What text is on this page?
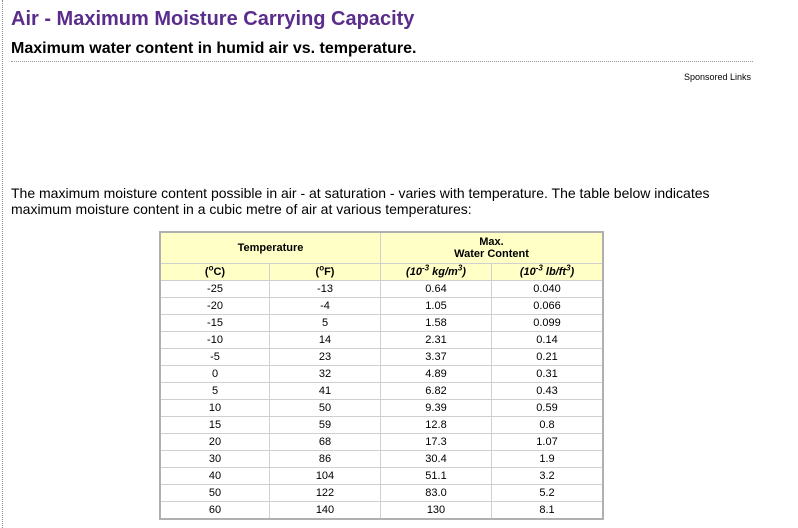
Air - Maximum Moisture Carrying Capacity
Maximum water content in humid air vs. temperature.
Sponsored Links

The maximum moisture content possible in air - at saturation - varies with temperature. The table below indicates maximum moisture content in a cubic metre of air at various temperatures:

Temperature		Max.
Water Content	

($^o$C)	($^o$F)	($10^{-3}$ $kg/m^3$)	($10^{-3}$ $lb/ft^3$)
-25	-13	0.64	0.040
-20	-4	1.05	0.066
-15	5	1.58	0.099
-10	14	2.31	0.14
-5	23	3.37	0.21
0	32	4.89	0.31
5	41	6.82	0.43
10	50	9.39	0.59
15	59	12.8	0.8
20	68	17.3	1.07
30	86	30.4	1.9
40	104	51.1	3.2
50	122	83.0	5.2
60	140	130	8.1
